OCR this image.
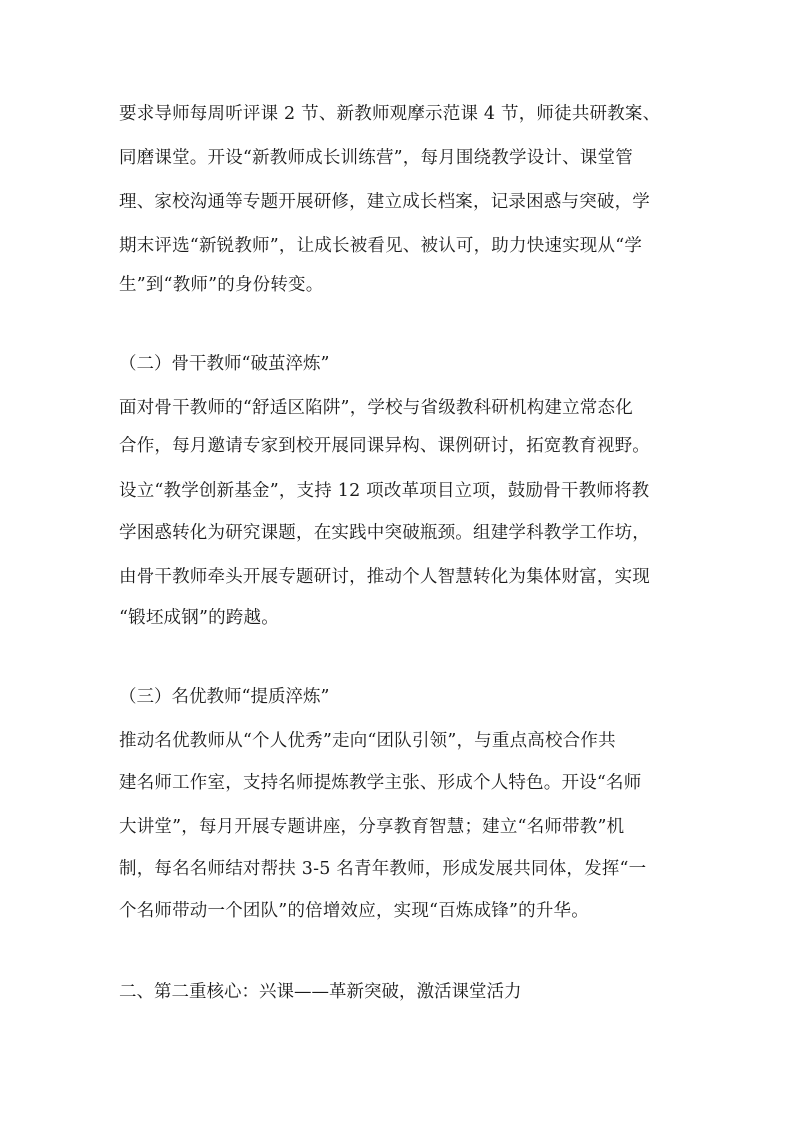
要求导师每周听评课 2 节、新教师观摩示范课 4 节，师徒共研教案、
同磨课堂。开设“新教师成长训练营”，每月围绕教学设计、课堂管
理、家校沟通等专题开展研修，建立成长档案，记录困惑与突破，学
期末评选“新锐教师”，让成长被看见、被认可，助力快速实现从“学
生”到“教师”的身份转变。
（二）骨干教师“破茧淬炼”
面对骨干教师的“舒适区陷阱”，学校与省级教科研机构建立常态化
合作，每月邀请专家到校开展同课异构、课例研讨，拓宽教育视野。
设立“教学创新基金”，支持 12 项改革项目立项，鼓励骨干教师将教
学困惑转化为研究课题，在实践中突破瓶颈。组建学科教学工作坊，
由骨干教师牵头开展专题研讨，推动个人智慧转化为集体财富，实现
“锻坯成钢”的跨越。
（三）名优教师“提质淬炼”
推动名优教师从“个人优秀”走向“团队引领”，与重点高校合作共
建名师工作室，支持名师提炼教学主张、形成个人特色。开设“名师
大讲堂”，每月开展专题讲座，分享教育智慧；建立“名师带教”机
制，每名名师结对帮扶 3-5 名青年教师，形成发展共同体，发挥“一
个名师带动一个团队”的倍增效应，实现“百炼成锋”的升华。
二、第二重核心：兴课——革新突破，激活课堂活力
